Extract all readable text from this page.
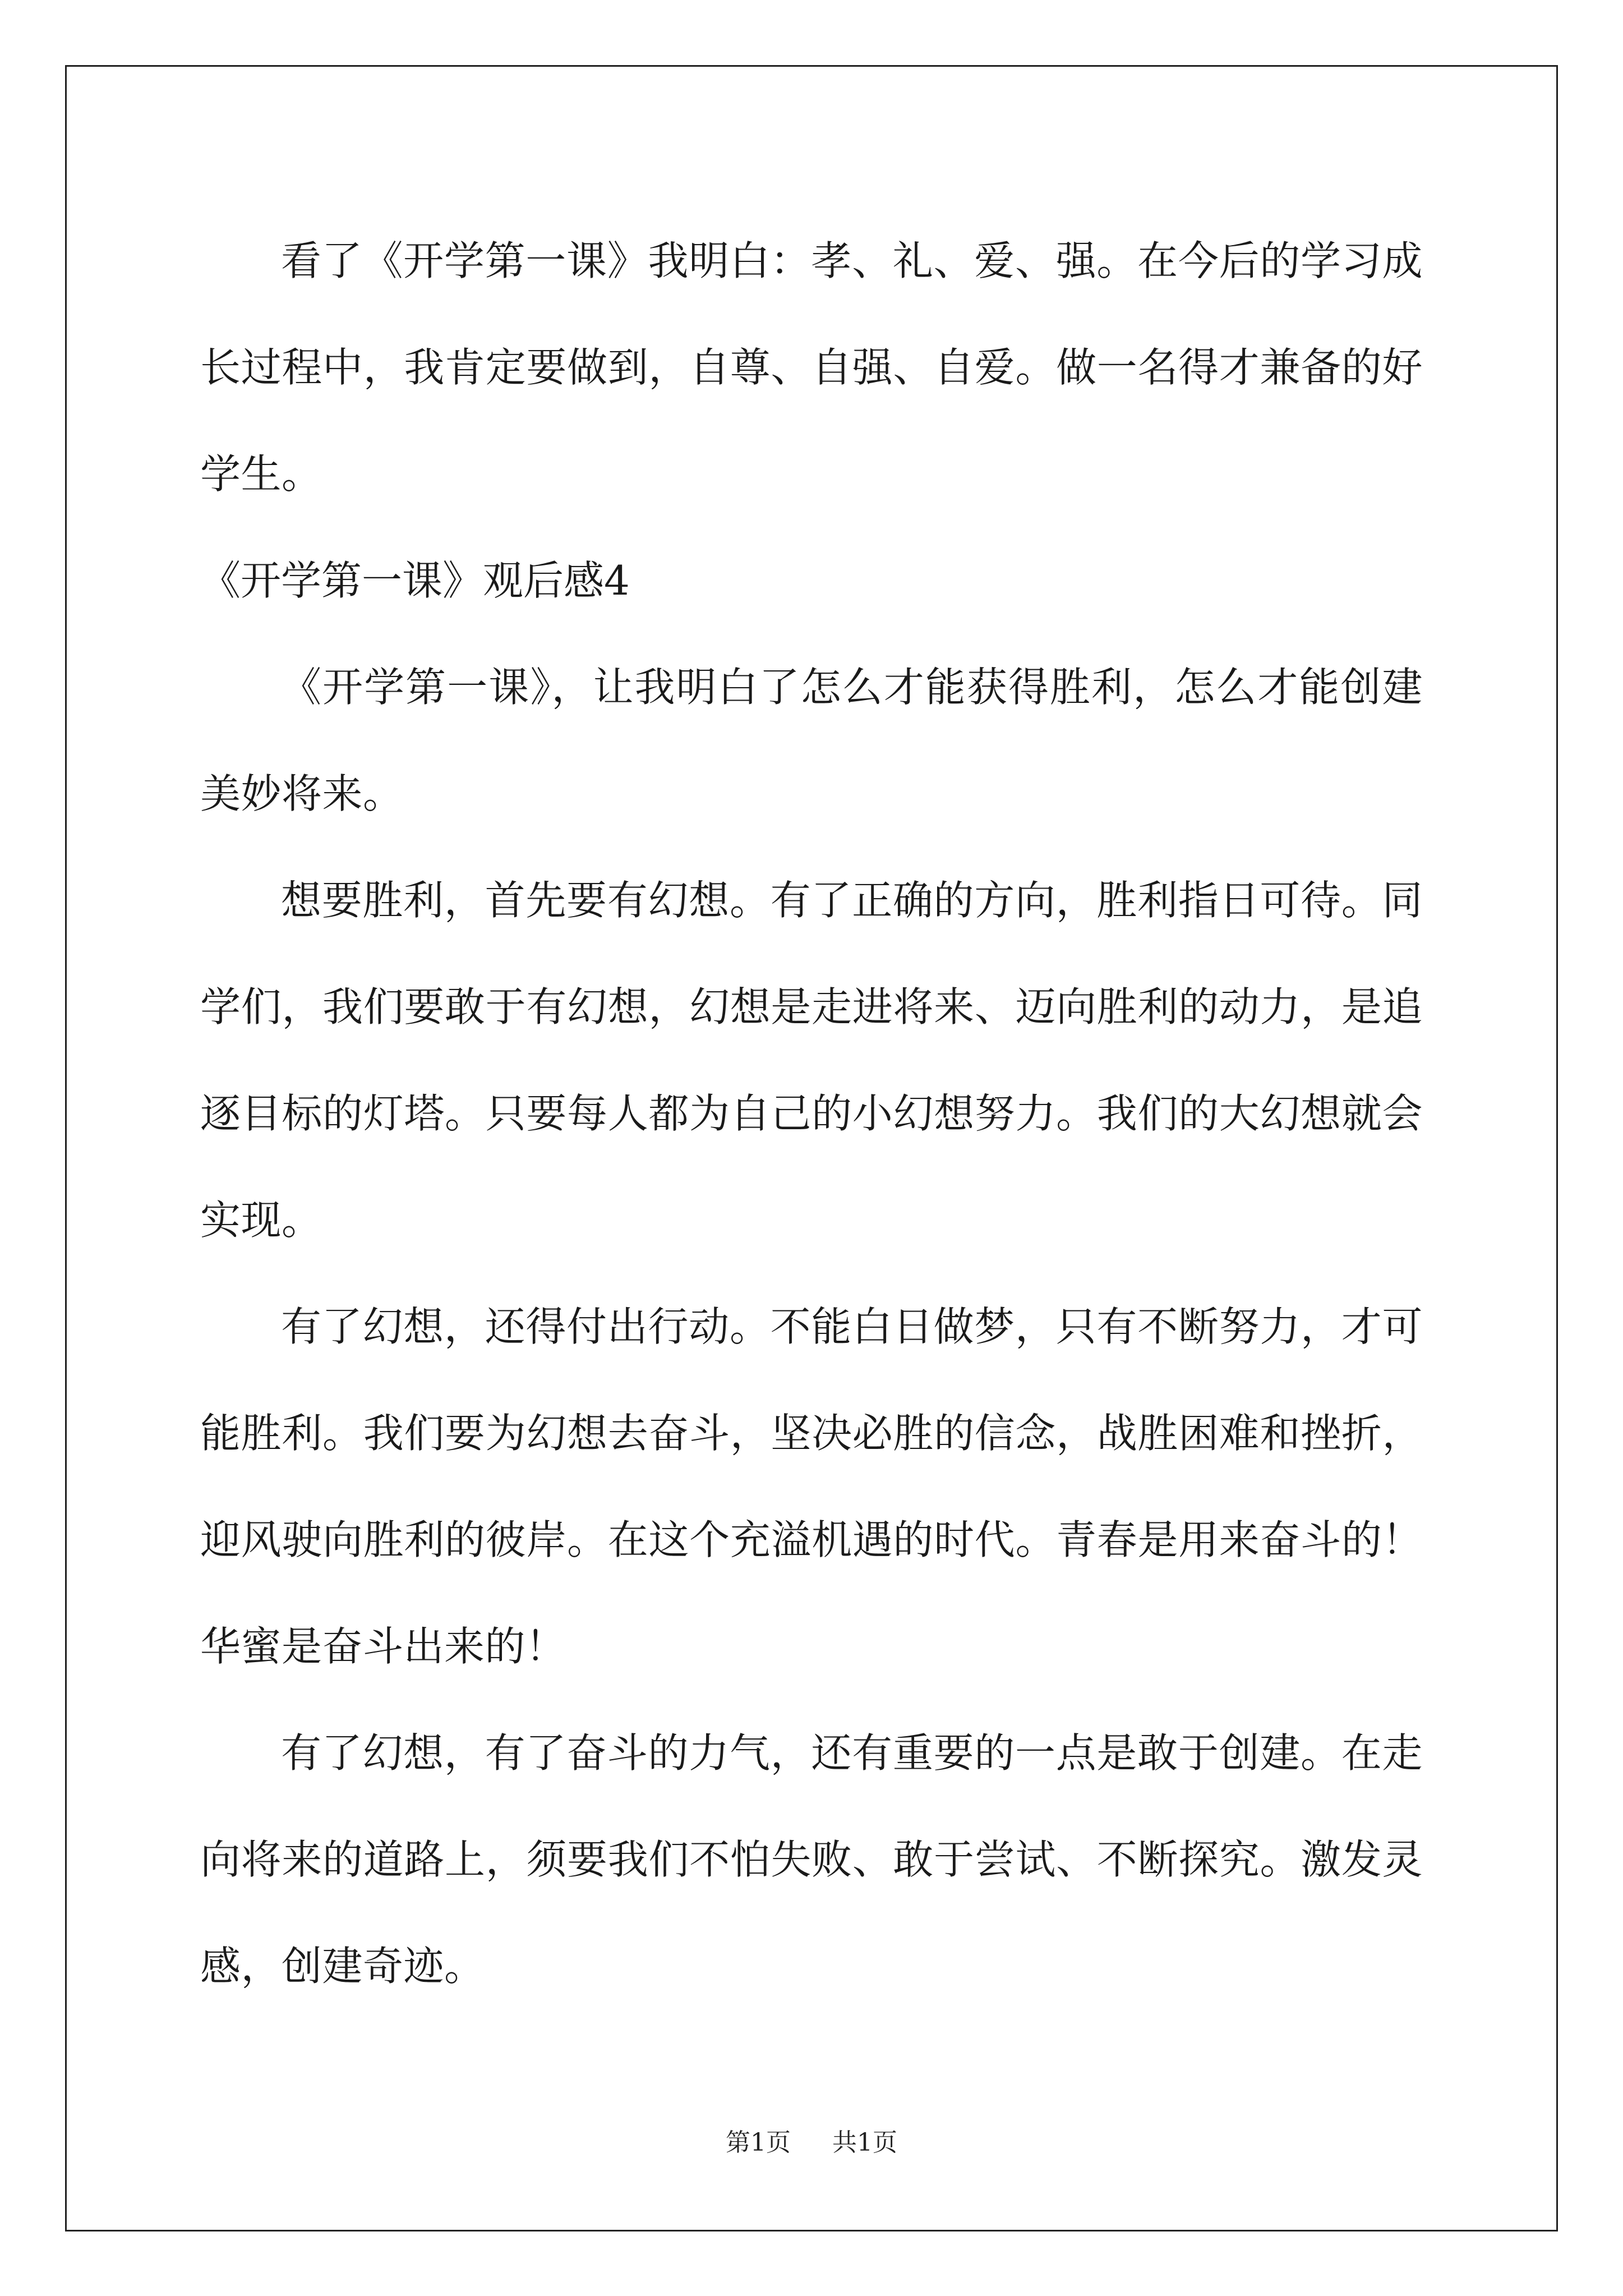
看了《开学第一课》我明白：孝、礼、爱、强。在今后的学习成长过程中，我肯定要做到，自尊、自强、自爱。做一名得才兼备的好学生。

《开学第一课》观后感4

《开学第一课》，让我明白了怎么才能获得胜利，怎么才能创建美妙将来。

想要胜利，首先要有幻想。有了正确的方向，胜利指日可待。同学们，我们要敢于有幻想，幻想是走进将来、迈向胜利的动力，是追逐目标的灯塔。只要每人都为自己的小幻想努力。我们的大幻想就会实现。

有了幻想，还得付出行动。不能白日做梦，只有不断努力，才可能胜利。我们要为幻想去奋斗，坚决必胜的信念，战胜困难和挫折，迎风驶向胜利的彼岸。在这个充溢机遇的时代。青春是用来奋斗的！华蜜是奋斗出来的！

有了幻想，有了奋斗的力气，还有重要的一点是敢于创建。在走向将来的道路上，须要我们不怕失败、敢于尝试、不断探究。激发灵感，创建奇迹。

第1页 共1页
